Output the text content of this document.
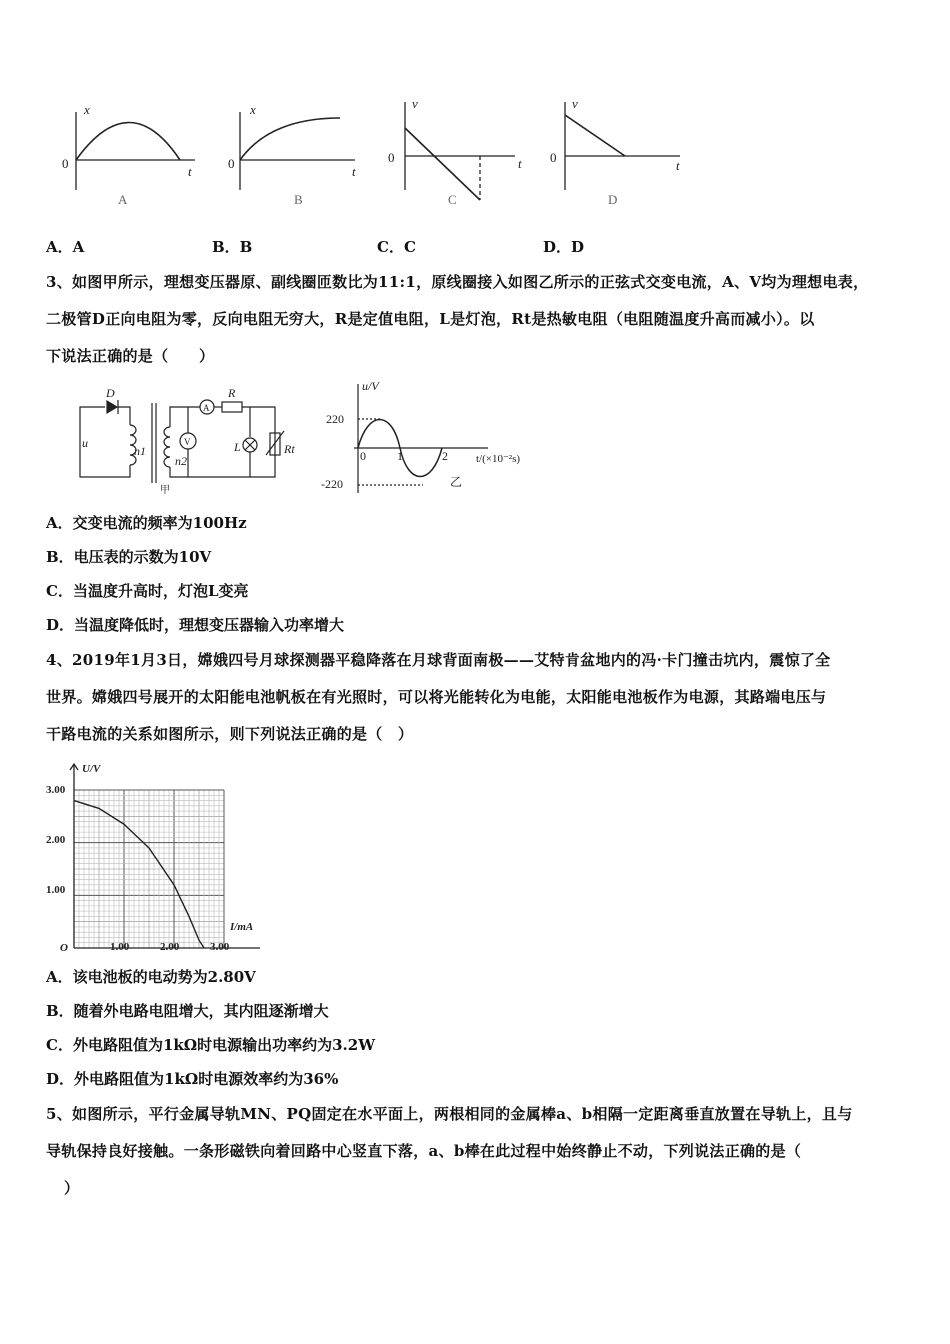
x
0
t
A
x
0
t
B
v
0	t
C
v
0
t
D
A．A	B．B	C．C	D．D
3、如图甲所示，理想变压器原、副线圈匝数比为11:1，原线圈接入如图乙所示的正弦式交变电流，A、V均为理想电表，
二极管D正向电阻为零，反向电阻无穷大，R是定值电阻，L是灯泡，Rt是热敏电阻（电阻随温度升高而减小）。以
下说法正确的是（　　）
D
u
n1
n2
A
V
R
L	Rt
甲
u/V
220
-220
0	1	2	t/(×10⁻²s)
乙
A．交变电流的频率为100Hz
B．电压表的示数为10V
C．当温度升高时，灯泡L变亮
D．当温度降低时，理想变压器输入功率增大
4、2019年1月3日，嫦娥四号月球探测器平稳降落在月球背面南极——艾特肯盆地内的冯·卡门撞击坑内，震惊了全
世界。嫦娥四号展开的太阳能电池帆板在有光照时，可以将光能转化为电能，太阳能电池板作为电源，其路端电压与
干路电流的关系如图所示，则下列说法正确的是（　）
U/V
I/mA
O
1.00
2.00
3.00
1.00	2.00	3.00
A．该电池板的电动势为2.80V
B．随着外电路电阻增大，其内阻逐渐增大
C．外电路阻值为1kΩ时电源输出功率约为3.2W
D．外电路阻值为1kΩ时电源效率约为36%
5、如图所示，平行金属导轨MN、PQ固定在水平面上，两根相同的金属棒a、b相隔一定距离垂直放置在导轨上，且与
导轨保持良好接触。一条形磁铁向着回路中心竖直下落，a、b棒在此过程中始终静止不动，下列说法正确的是（
）
